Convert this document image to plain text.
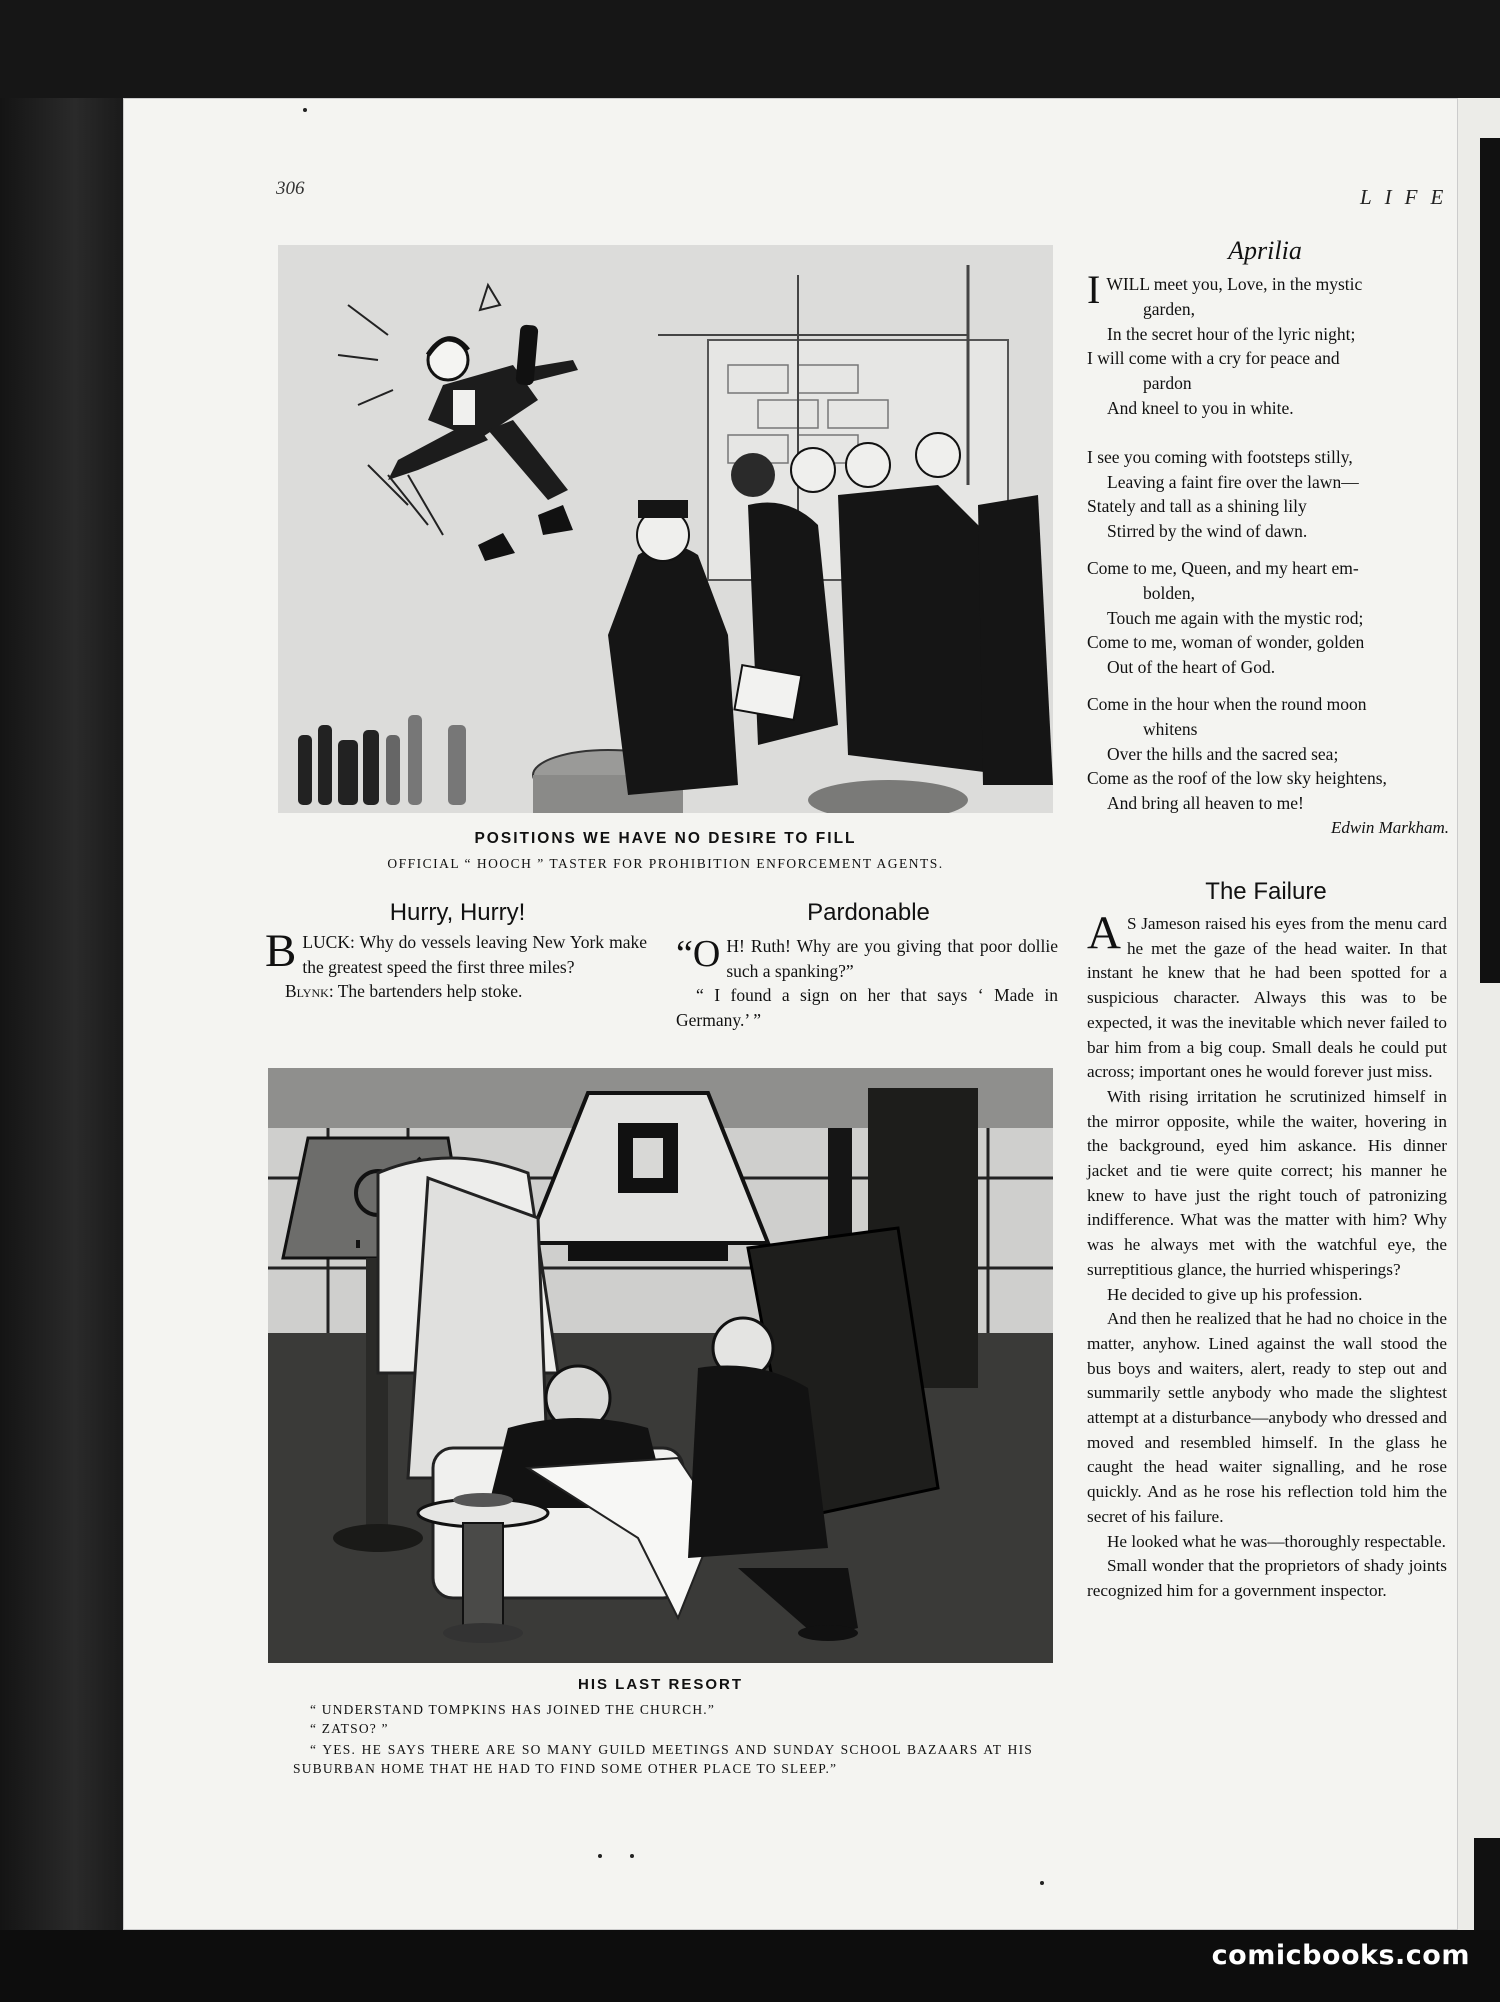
306	LIFE
POSITIONS WE HAVE NO DESIRE TO FILL
OFFICIAL “ HOOCH ” TASTER FOR PROHIBITION ENFORCEMENT AGENTS.
Hurry, Hurry!

BLUCK: Why do vessels leaving New York make the greatest speed the first three miles?

Blynk: The bartenders help stoke.

Pardonable

“O H! Ruth! Why are you giving that poor dollie such a spanking?”

“ I found a sign on her that says ‘ Made in Germany.’ ”

HIS LAST RESORT
“ UNDERSTAND TOMPKINS HAS JOINED THE CHURCH.”
“ ZATSO? ”
“ YES. HE SAYS THERE ARE SO MANY GUILD MEETINGS AND SUNDAY SCHOOL BAZAARS AT HIS SUBURBAN HOME THAT HE HAD TO FIND SOME OTHER PLACE TO SLEEP.”
Aprilia

IWILL meet you, Love, in the mystic

garden,

In the secret hour of the lyric night;

I will come with a cry for peace and

pardon

And kneel to you in white.

I see you coming with footsteps stilly,

Leaving a faint fire over the lawn—

Stately and tall as a shining lily

Stirred by the wind of dawn.

Come to me, Queen, and my heart em-

bolden,

Touch me again with the mystic rod;

Come to me, woman of wonder, golden

Out of the heart of God.

Come in the hour when the round moon

whitens

Over the hills and the sacred sea;

Come as the roof of the low sky heightens,

And bring all heaven to me!

Edwin Markham.
The Failure

A S Jameson raised his eyes from the menu card he met the gaze of the head waiter. In that instant he knew that he had been spotted for a suspicious character. Always this was to be expected, it was the inevitable which never failed to bar him from a big coup. Small deals he could put across; important ones he would forever just miss.

With rising irritation he scrutinized himself in the mirror opposite, while the waiter, hovering in the background, eyed him askance. His dinner jacket and tie were quite correct; his manner he knew to have just the right touch of patronizing indifference. What was the matter with him? Why was he always met with the watchful eye, the surreptitious glance, the hurried whisperings?

He decided to give up his profession.

And then he realized that he had no choice in the matter, anyhow. Lined against the wall stood the bus boys and waiters, alert, ready to step out and summarily settle anybody who made the slightest attempt at a disturbance—anybody who dressed and moved and resembled himself. In the glass he caught the head waiter signalling, and he rose quickly. And as he rose his reflection told him the secret of his failure.

He looked what he was—thoroughly respectable.

Small wonder that the proprietors of shady joints recognized him for a government inspector.

comicbooks.com
